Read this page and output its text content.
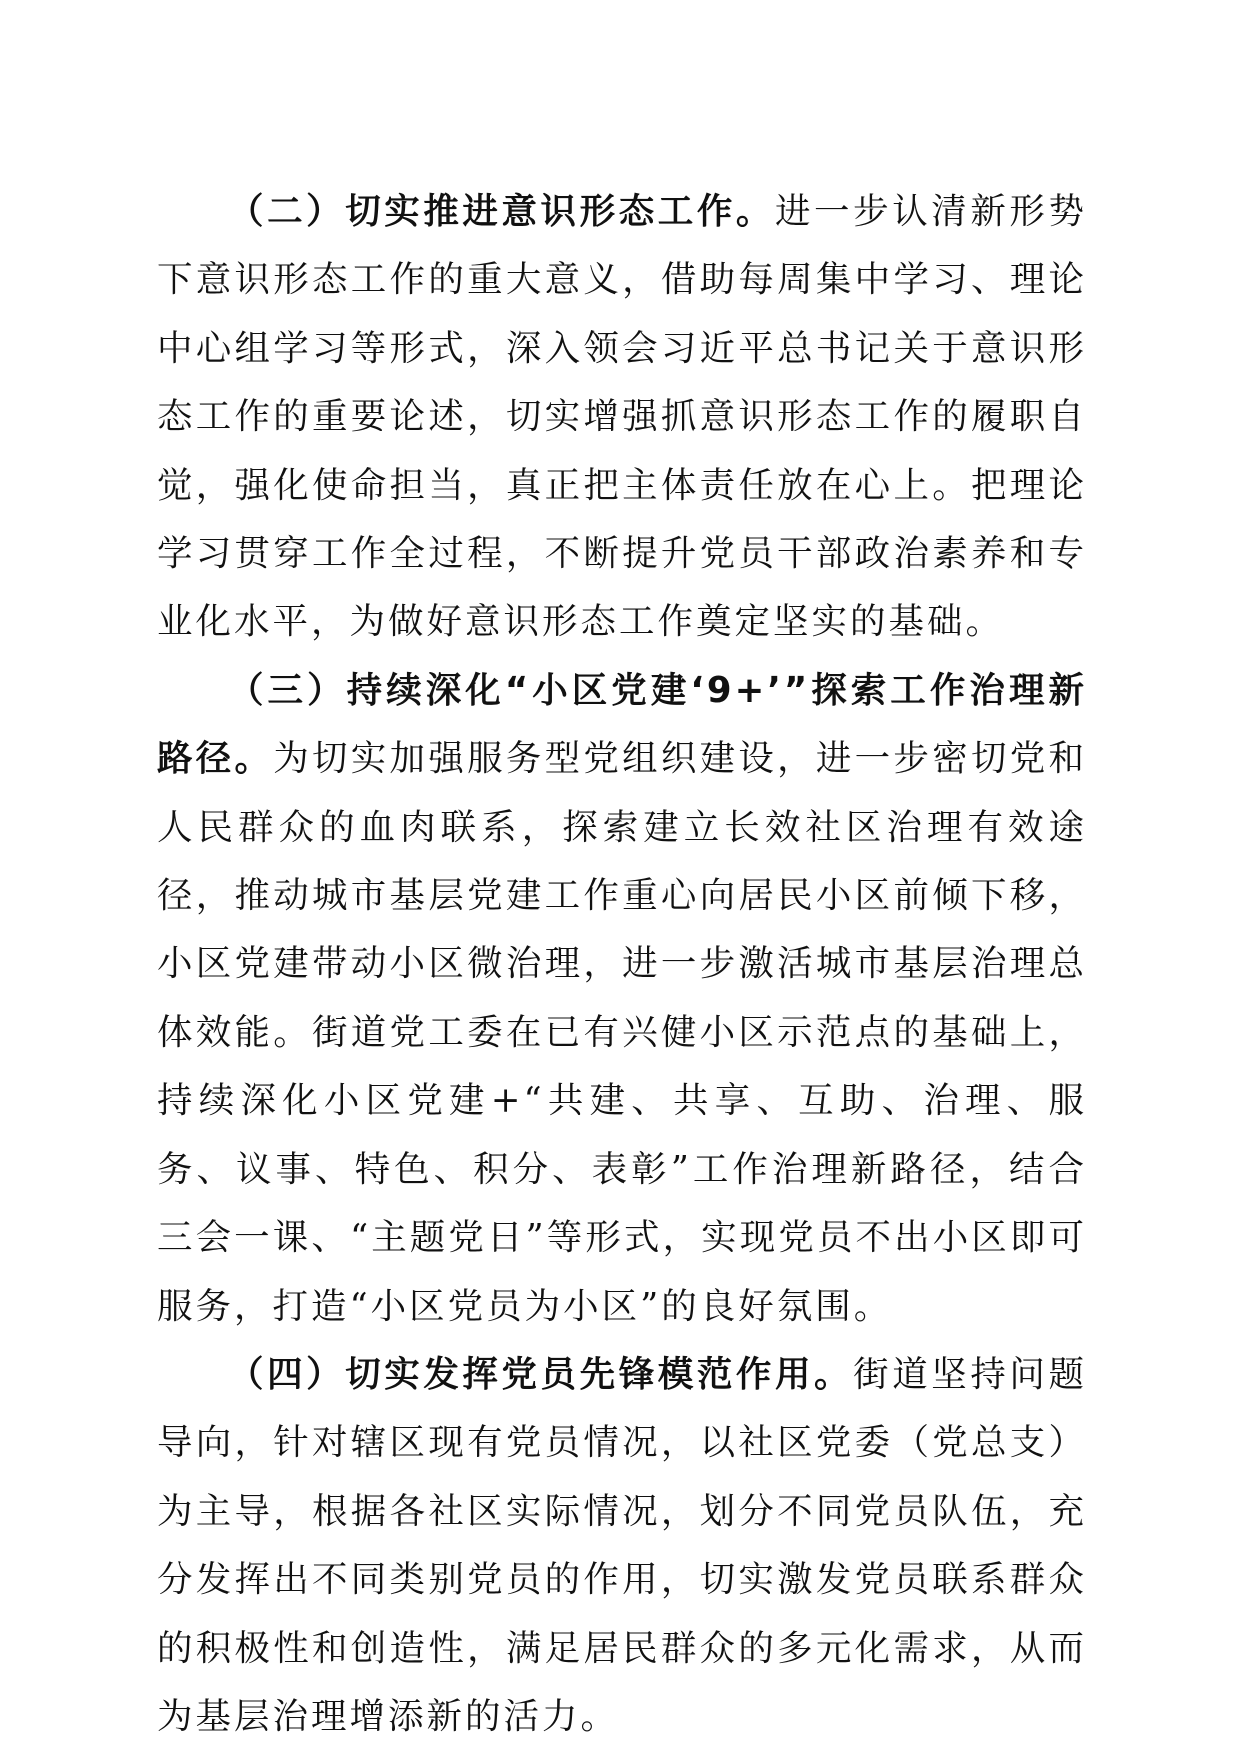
（二）切实推进意识形态工作。进一步认清新形势下意识形态工作的重大意义，借助每周集中学习、理论中心组学习等形式，深入领会习近平总书记关于意识形态工作的重要论述，切实增强抓意识形态工作的履职自觉，强化使命担当，真正把主体责任放在心上。把理论学习贯穿工作全过程，不断提升党员干部政治素养和专业化水平，为做好意识形态工作奠定坚实的基础。

（三）持续深化“小区党建‘9+’”探索工作治理新路径。为切实加强服务型党组织建设，进一步密切党和人民群众的血肉联系，探索建立长效社区治理有效途径，推动城市基层党建工作重心向居民小区前倾下移，小区党建带动小区微治理，进一步激活城市基层治理总体效能。街道党工委在已有兴健小区示范点的基础上，持续深化小区党建+“共建、共享、互助、治理、服务、议事、特色、积分、表彰”工作治理新路径，结合三会一课、“主题党日”等形式，实现党员不出小区即可服务，打造“小区党员为小区”的良好氛围。

（四）切实发挥党员先锋模范作用。街道坚持问题导向，针对辖区现有党员情况，以社区党委（党总支）为主导，根据各社区实际情况，划分不同党员队伍，充分发挥出不同类别党员的作用，切实激发党员联系群众的积极性和创造性，满足居民群众的多元化需求，从而为基层治理增添新的活力。
